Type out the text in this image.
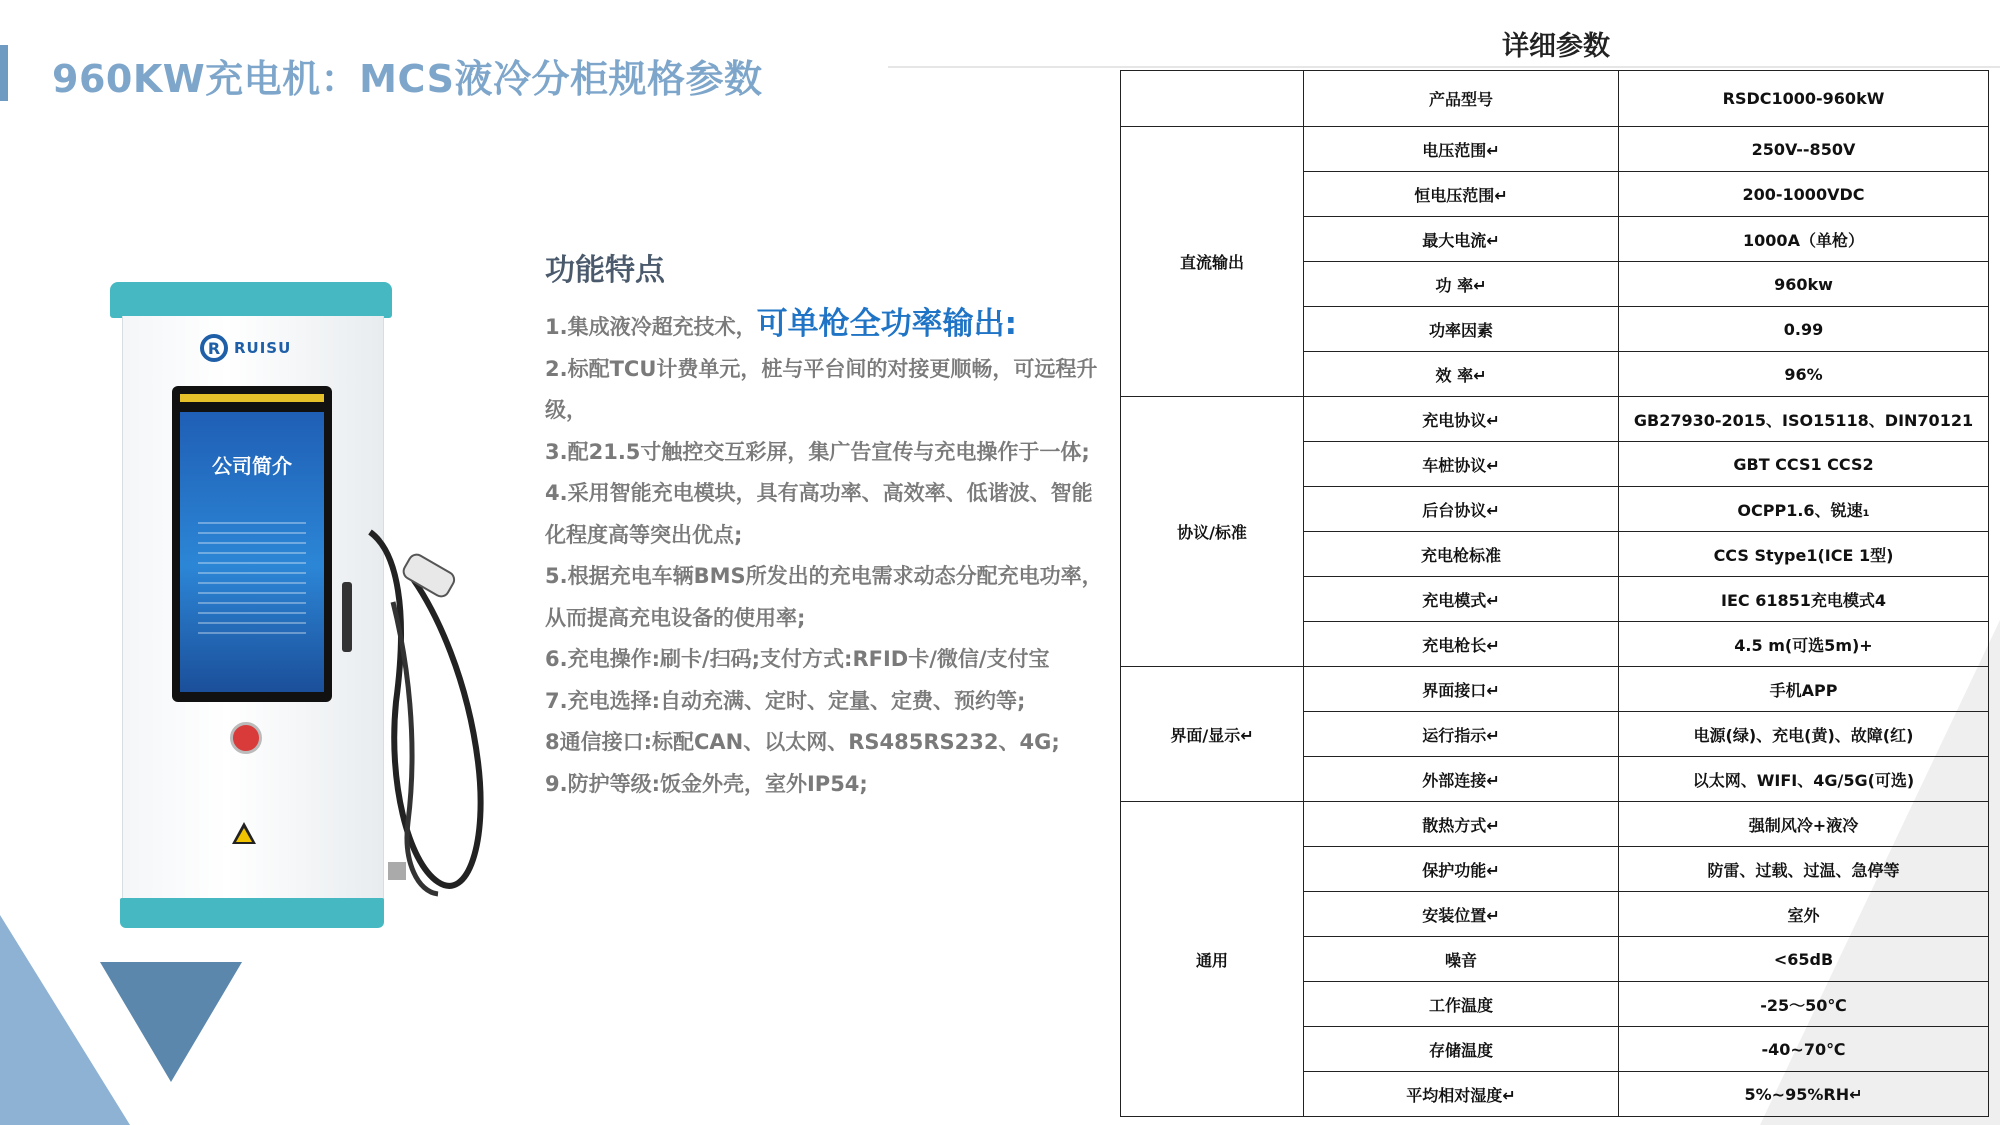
960KW充电机：MCS液冷分柜规格参数
R RUISU
公司简介
功能特点
1.集成液冷超充技术，可单枪全功率输出:
2.标配TCU计费单元，桩与平台间的对接更顺畅，可远程升级，
3.配21.5寸触控交互彩屏，集广告宣传与充电操作于一体;
4.采用智能充电模块，具有高功率、高效率、低谐波、智能化程度高等突出优点;
5.根据充电车辆BMS所发出的充电需求动态分配充电功率，从而提高充电设备的使用率;
6.充电操作:刷卡/扫码;支付方式:RFID卡/微信/支付宝
7.充电选择:自动充满、定时、定量、定费、预约等;
8通信接口:标配CAN、以太网、RS485RS232、4G;
9.防护等级:饭金外壳，室外IP54;
详细参数
	产品型号	RSDC1000-960kW
直流输出	电压范围↵	250V--850V
	恒电压范围↵	200-1000VDC
	最大电流↵	1000A（单枪）
	功 率↵	960kw
	功率因素	0.99
	效 率↵	96%
协议/标准	充电协议↵	GB27930-2015、ISO15118、DIN70121
	车桩协议↵	GBT CCS1 CCS2
	后台协议↵	OCPP1.6、锐速₁
	充电枪标准	CCS Stype1(ICE 1型)
	充电模式↵	IEC 61851充电模式4
	充电枪长↵	4.5 m(可选5m)+
界面/显示↵	界面接口↵	手机APP
	运行指示↵	电源(绿)、充电(黄)、故障(红)
	外部连接↵	以太网、WIFI、4G/5G(可选)
通用	散热方式↵	强制风冷+液冷
	保护功能↵	防雷、过载、过温、急停等
	安装位置↵	室外
	噪音	<65dB
	工作温度	-25～50℃
	存储温度	-40~70℃
	平均相对湿度↵	5%~95%RH↵
